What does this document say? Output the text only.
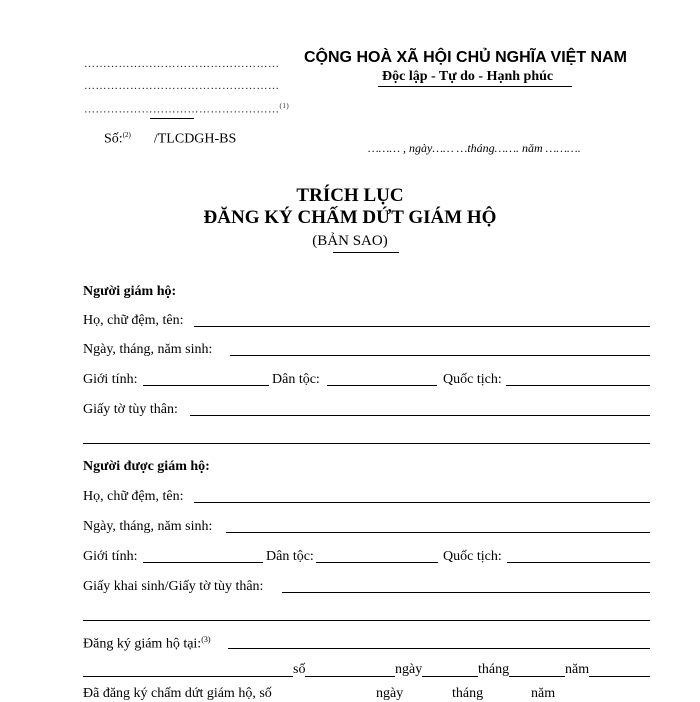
……………………………………………
……………………………………………
……………………………………………$^{(1)}$
Số:$^{(2)}$ /TLCDGH-BS
CỘNG HOÀ XÃ HỘI CHỦ NGHĨA VIỆT NAM
Độc lập - Tự do - Hạnh phúc
……… , ngày…… …tháng……. năm ……….
TRÍCH LỤC
ĐĂNG KÝ CHẤM DỨT GIÁM HỘ
(BẢN SAO)
Người giám hộ:
Họ, chữ đệm, tên:
Ngày, tháng, năm sinh:
Giới tính:	Dân tộc:	Quốc tịch:
Giấy tờ tùy thân:
Người được giám hộ:
Họ, chữ đệm, tên:
Ngày, tháng, năm sinh:
Giới tính:	Dân tộc:	Quốc tịch:
Giấy khai sinh/Giấy tờ tùy thân:
Đăng ký giám hộ tại:$^{(3)}$
số	ngày	tháng	năm
Đã đăng ký chấm dứt giám hộ, số	ngày	tháng	năm
